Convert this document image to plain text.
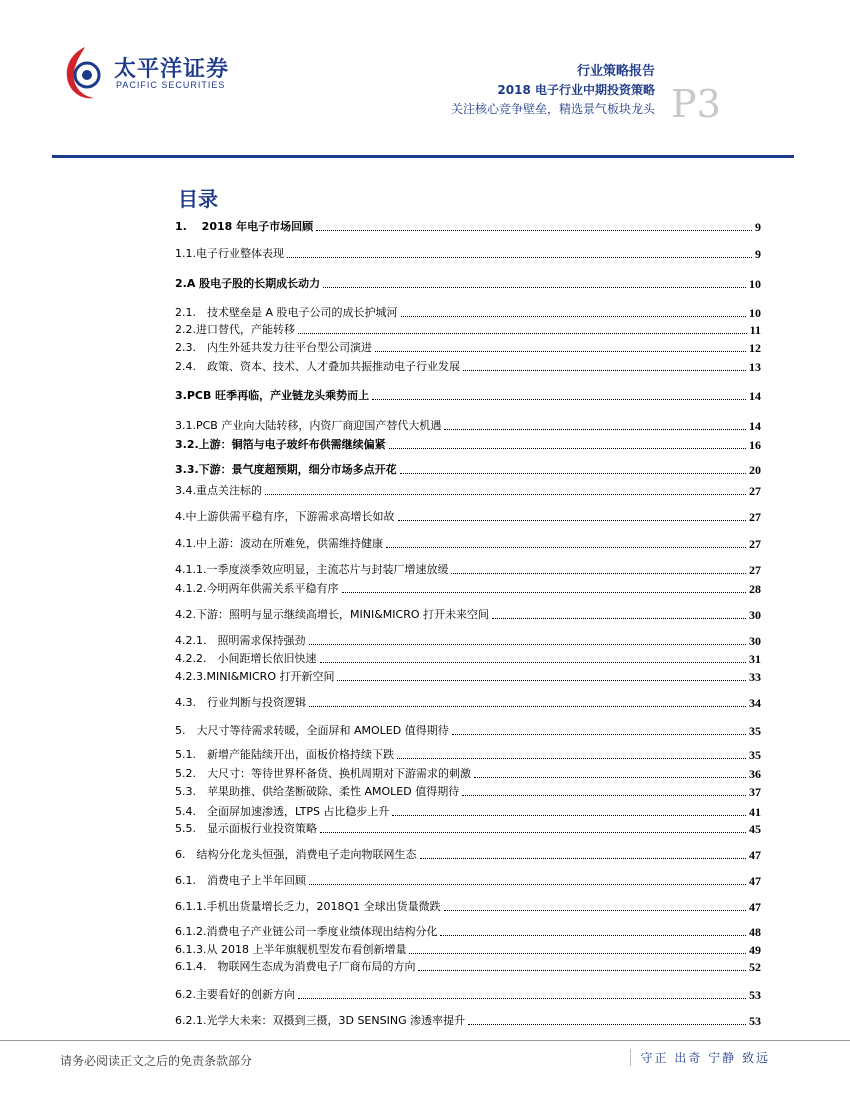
太平洋证券
PACIFIC SECURITIES
行业策略报告
2018 电子行业中期投资策略
关注核心竞争壁垒，精选景气板块龙头 P3
目录
1.　 2018 年电子市场回顾	9
1.1.电子行业整体表现	9
2.A 股电子股的长期成长动力	10
2.1.　技术壁垒是 A 股电子公司的成长护城河	10
2.2.进口替代，产能转移	11
2.3.　内生外延共发力往平台型公司演进	12
2.4.　政策、资本、技术、人才叠加共振推动电子行业发展	13
3.PCB 旺季再临，产业链龙头乘势而上	14
3.1.PCB 产业向大陆转移，内资厂商迎国产替代大机遇	14
3.2.上游：铜箔与电子玻纤布供需继续偏紧	16
3.3.下游：景气度超预期，细分市场多点开花	20
3.4.重点关注标的	27
4.中上游供需平稳有序，下游需求高增长如故	27
4.1.中上游：波动在所难免，供需维持健康	27
4.1.1.一季度淡季效应明显，主流芯片与封装厂增速放缓	27
4.1.2.今明两年供需关系平稳有序	28
4.2.下游：照明与显示继续高增长，MINI&MICRO 打开未来空间	30
4.2.1.　照明需求保持强劲	30
4.2.2.　小间距增长依旧快速	31
4.2.3.MINI&MICRO 打开新空间	33
4.3.　行业判断与投资逻辑	34
5.　大尺寸等待需求转暖，全面屏和 AMOLED 值得期待	35
5.1.　新增产能陆续开出，面板价格持续下跌	35
5.2.　大尺寸：等待世界杯备货、换机周期对下游需求的刺激	36
5.3.　苹果助推、供给垄断破除、柔性 AMOLED 值得期待	37
5.4.　全面屏加速渗透，LTPS 占比稳步上升	41
5.5.　显示面板行业投资策略	45
6.　结构分化龙头恒强，消费电子走向物联网生态	47
6.1.　消费电子上半年回顾	47
6.1.1.手机出货量增长乏力，2018Q1 全球出货量微跌	47
6.1.2.消费电子产业链公司一季度业绩体现出结构分化	48
6.1.3.从 2018 上半年旗舰机型发布看创新增量	49
6.1.4.　物联网生态成为消费电子厂商布局的方向	52
6.2.主要看好的创新方向	53
6.2.1.光学大未来：双摄到三摄，3D SENSING 渗透率提升	53
请务必阅读正文之后的免责条款部分	守正 出奇 宁静 致远
